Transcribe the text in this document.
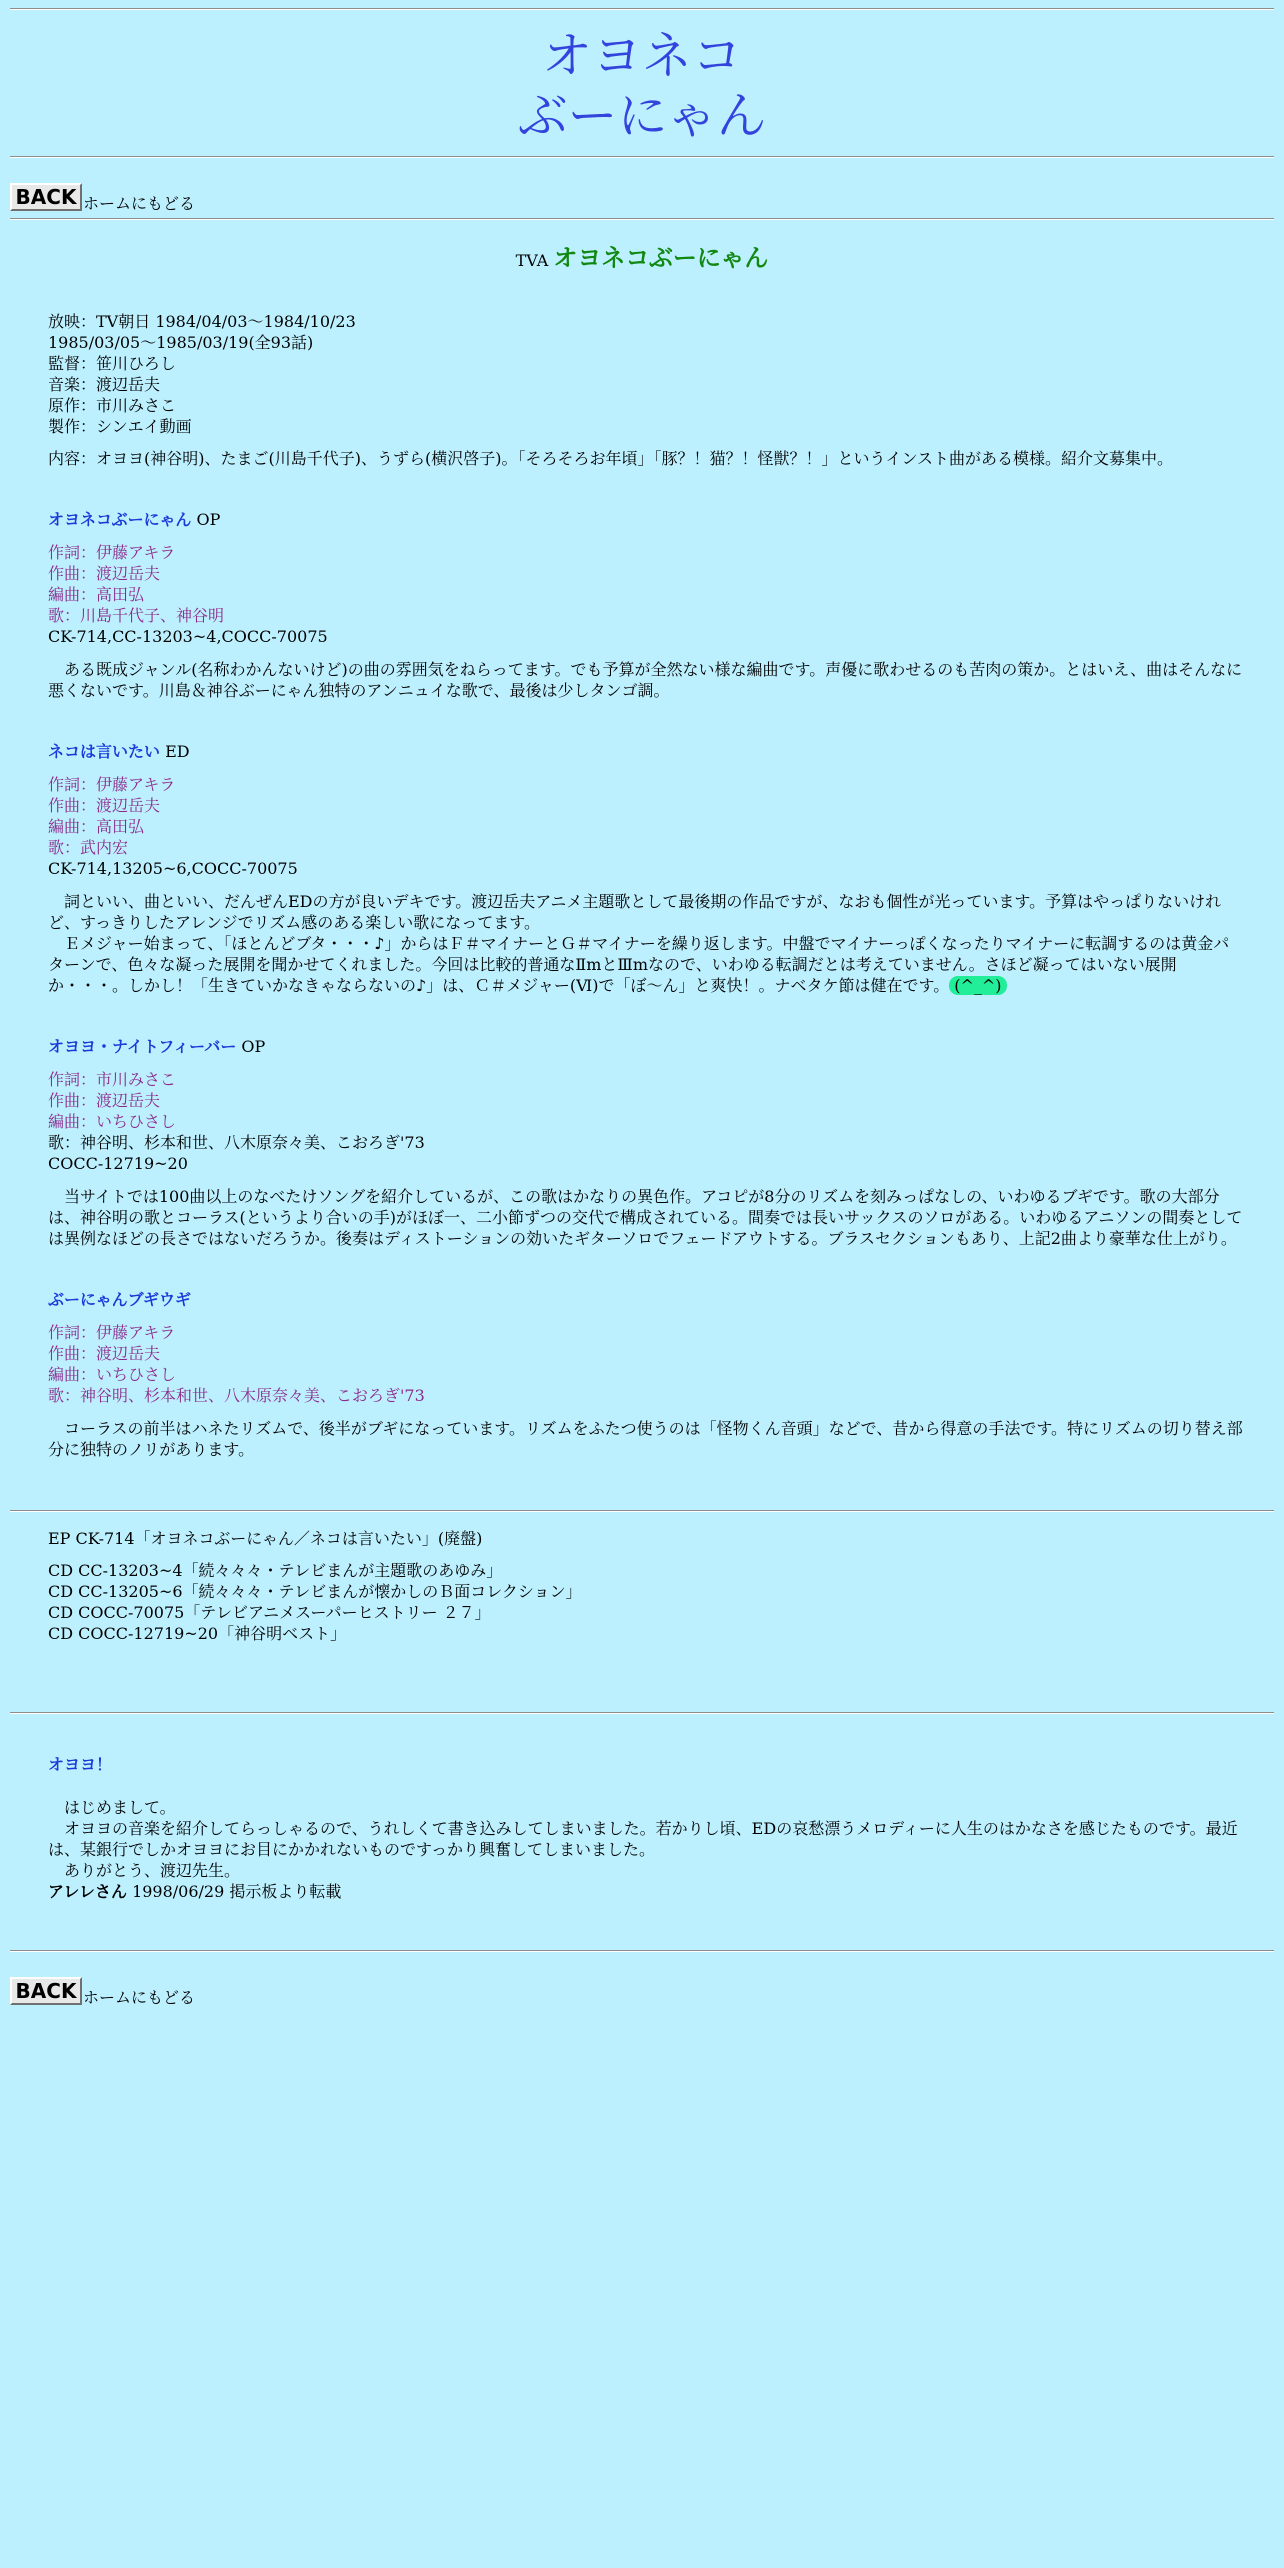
オヨネコ
ぶーにゃん
BACK ホームにもどる
TVA オヨネコぶーにゃん
放映：TV朝日 1984/04/03～1984/10/23
1985/03/05～1985/03/19(全93話)
監督：笹川ひろし
音楽：渡辺岳夫
原作：市川みさこ
製作：シンエイ動画

内容：オヨヨ(神谷明)、たまご(川島千代子)、うずら(横沢啓子)。「そろそろお年頃」「豚？！猫？！怪獣？！」というインスト曲がある模様。紹介文募集中。

オヨネコぶーにゃん OP
作詞：伊藤アキラ
作曲：渡辺岳夫
編曲：高田弘
歌：川島千代子、神谷明
CK-714,CC-13203~4,COCC-70075

　ある既成ジャンル(名称わかんないけど)の曲の雰囲気をねらってます。でも予算が全然ない様な編曲です。声優に歌わせるのも苦肉の策か。とはいえ、曲はそんなに悪くないです。川島＆神谷ぶーにゃん独特のアンニュイな歌で、最後は少しタンゴ調。

ネコは言いたい ED
作詞：伊藤アキラ
作曲：渡辺岳夫
編曲：高田弘
歌：武内宏
CK-714,13205~6,COCC-70075

　詞といい、曲といい、だんぜんEDの方が良いデキです。渡辺岳夫アニメ主題歌として最後期の作品ですが、なおも個性が光っています。予算はやっぱりないけれど、すっきりしたアレンジでリズム感のある楽しい歌になってます。
　Ｅメジャー始まって、「ほとんどブタ・・・♪」からはＦ＃マイナーとＧ＃マイナーを繰り返します。中盤でマイナーっぽくなったりマイナーに転調するのは黄金パターンで、色々な凝った展開を聞かせてくれました。今回は比較的普通なⅡmとⅢmなので、いわゆる転調だとは考えていません。さほど凝ってはいない展開か・・・。しかし！「生きていかなきゃならないの♪」は、Ｃ＃メジャー(Ⅵ)で「ぼ～ん」と爽快！。ナベタケ節は健在です。 (^_^)

オヨヨ・ナイトフィーバー OP
作詞：市川みさこ
作曲：渡辺岳夫
編曲：いちひさし
歌：神谷明、杉本和世、八木原奈々美、こおろぎ'73
COCC-12719~20

　当サイトでは100曲以上のなべたけソングを紹介しているが、この歌はかなりの異色作。アコピが8分のリズムを刻みっぱなしの、いわゆるブギです。歌の大部分は、神谷明の歌とコーラス(というより合いの手)がほぼ一、二小節ずつの交代で構成されている。間奏では長いサックスのソロがある。いわゆるアニソンの間奏としては異例なほどの長さではないだろうか。後奏はディストーションの効いたギターソロでフェードアウトする。ブラスセクションもあり、上記2曲より豪華な仕上がり。

ぶーにゃんブギウギ
作詞：伊藤アキラ
作曲：渡辺岳夫
編曲：いちひさし
歌：神谷明、杉本和世、八木原奈々美、こおろぎ'73

　コーラスの前半はハネたリズムで、後半がブギになっています。リズムをふたつ使うのは「怪物くん音頭」などで、昔から得意の手法です。特にリズムの切り替え部分に独特のノリがあります。

EP CK-714「オヨネコぶーにゃん／ネコは言いたい」(廃盤)

CD CC-13203~4「続々々々・テレビまんが主題歌のあゆみ」
CD CC-13205~6「続々々々・テレビまんが懐かしのＢ面コレクション」
CD COCC-70075「テレビアニメスーパーヒストリー ２７」
CD COCC-12719~20「神谷明ベスト」
オヨヨ！
　はじめまして。
　オヨヨの音楽を紹介してらっしゃるので、うれしくて書き込みしてしまいました。若かりし頃、EDの哀愁漂うメロディーに人生のはかなさを感じたものです。最近は、某銀行でしかオヨヨにお目にかかれないものですっかり興奮してしまいました。
　ありがとう、渡辺先生。
アレレさん 1998/06/29 掲示板より転載
BACK ホームにもどる
